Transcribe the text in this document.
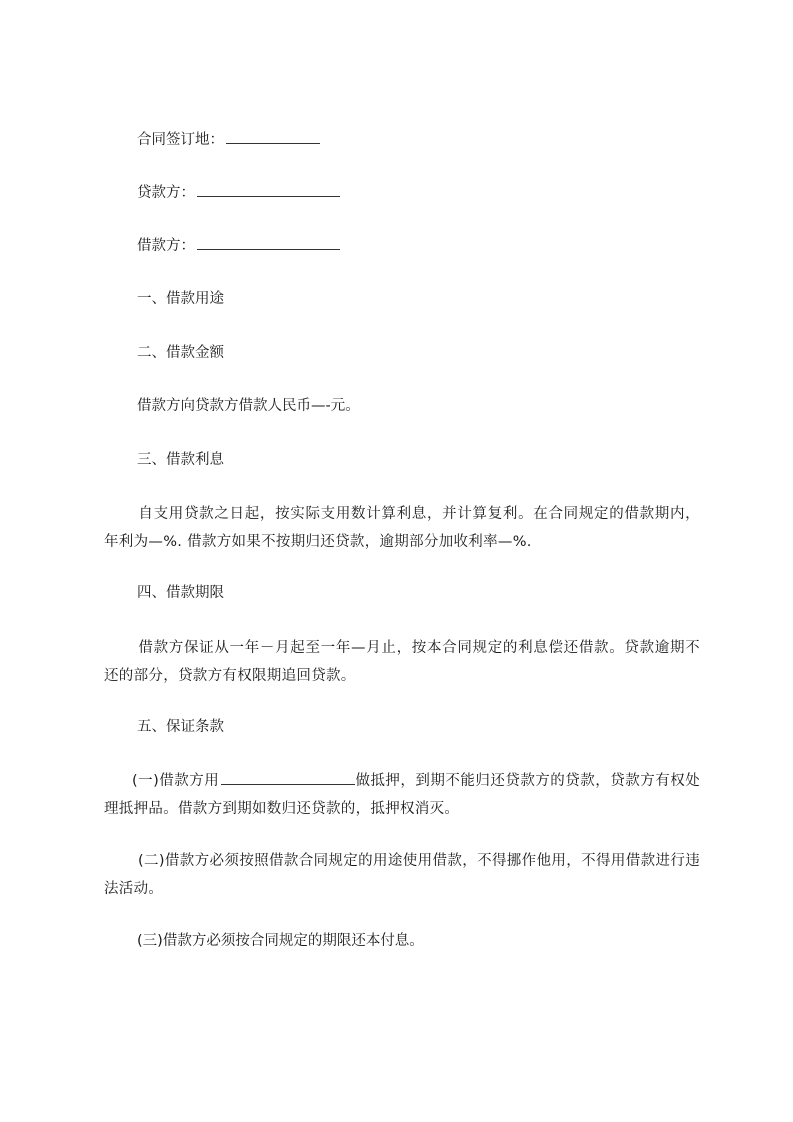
合同签订地：
贷款方：
借款方：
一、借款用途
二、借款金额
借款方向贷款方借款人民币—-元。
三、借款利息
自支用贷款之日起，按实际支用数计算利息，并计算复利。在合同规定的借款期内，年利为—%. 借款方如果不按期归还贷款，逾期部分加收利率—%.
四、借款期限
借款方保证从一年－月起至一年—月止，按本合同规定的利息偿还借款。贷款逾期不还的部分，贷款方有权限期追回贷款。
五、保证条款
(一)借款方用	做抵押，到期不能归还贷款方的贷款，贷款方有权处理抵押品。借款方到期如数归还贷款的，抵押权消灭。
(二)借款方必须按照借款合同规定的用途使用借款，不得挪作他用，不得用借款进行违法活动。
(三)借款方必须按合同规定的期限还本付息。
